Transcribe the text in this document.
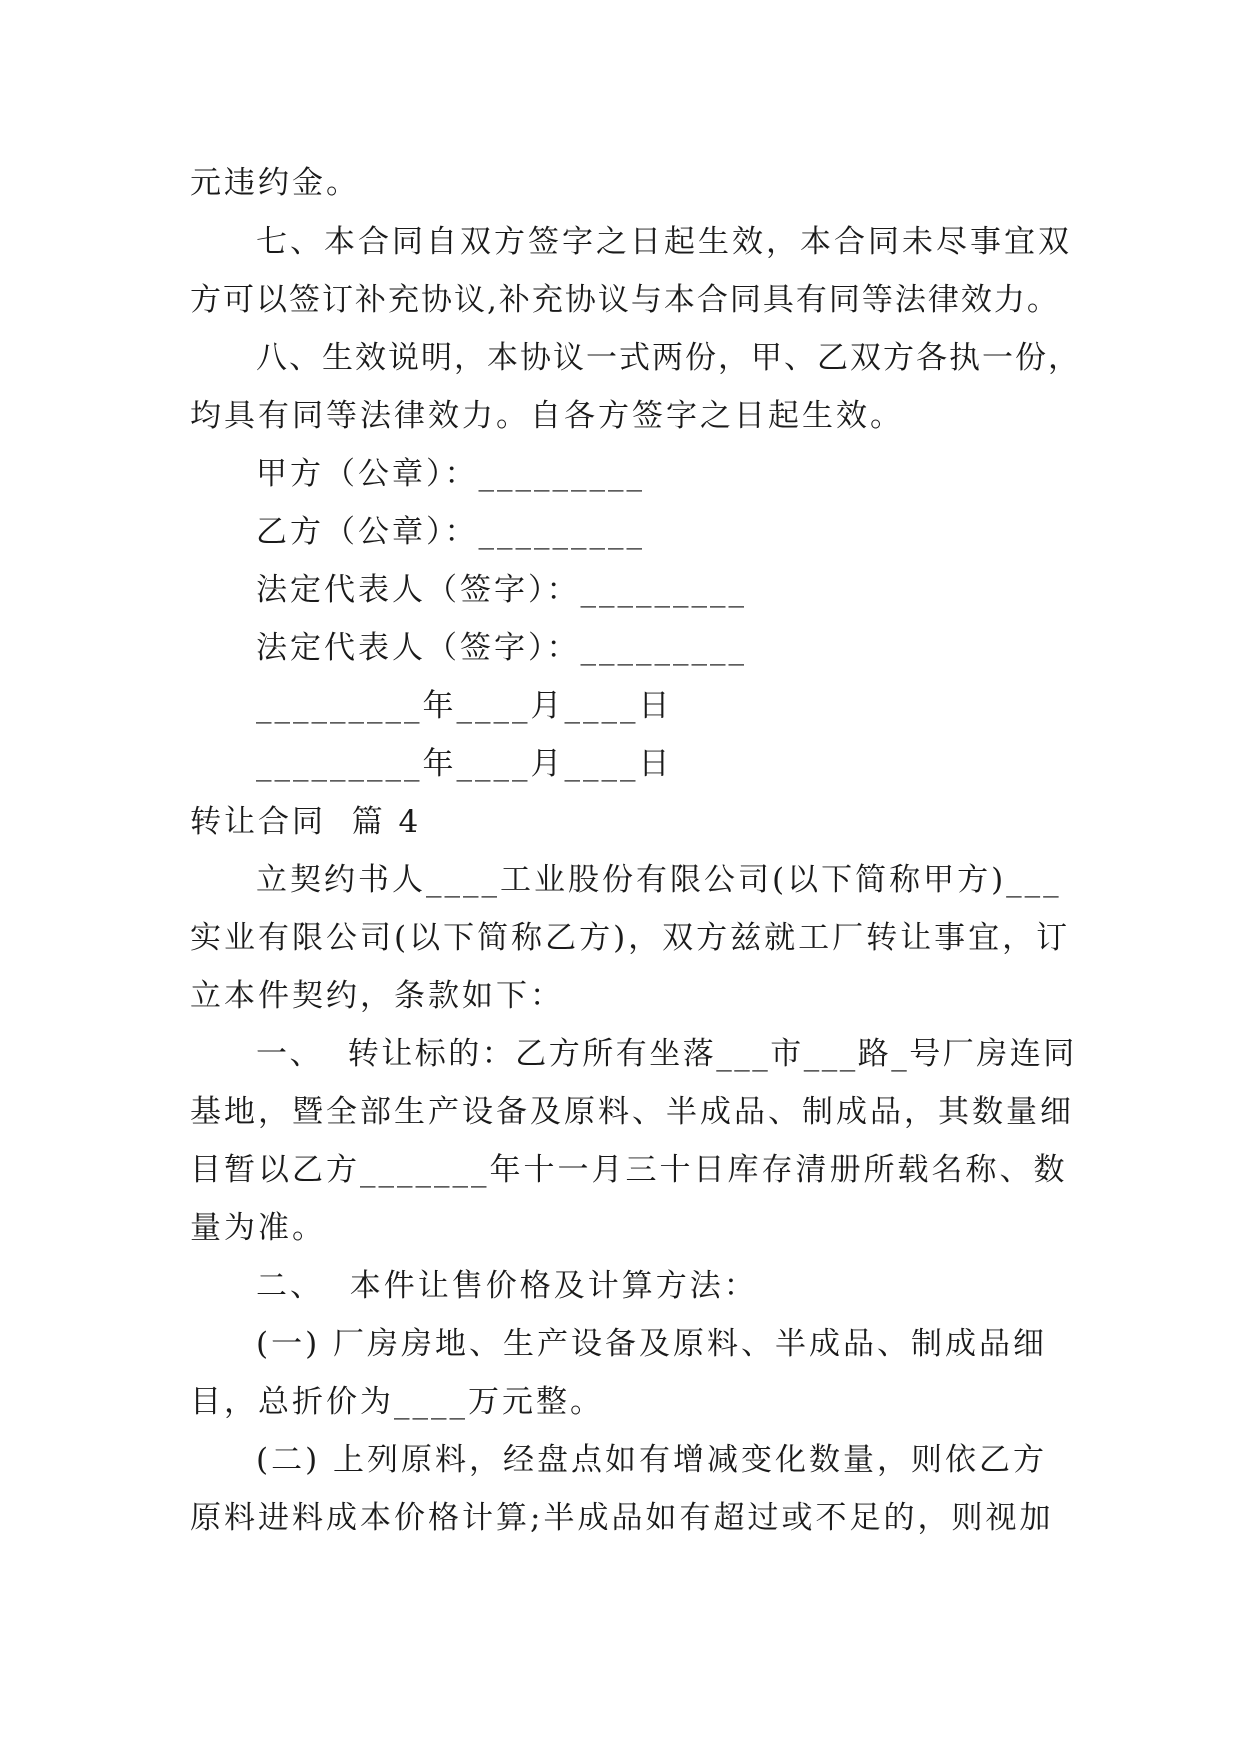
元违约金。
七、本合同自双方签字之日起生效，本合同未尽事宜双
方可以签订补充协议,补充协议与本合同具有同等法律效力。
八、生效说明，本协议一式两份，甲、乙双方各执一份，
均具有同等法律效力。自各方签字之日起生效。
甲方（公章）：_________
乙方（公章）：_________
法定代表人（签字）：_________
法定代表人（签字）：_________
_________年____月____日
_________年____月____日
转让合同  篇 4
立契约书人____工业股份有限公司(以下简称甲方)___
实业有限公司(以下简称乙方)，双方兹就工厂转让事宜，订
立本件契约，条款如下：
一、  转让标的：乙方所有坐落___市___路_号厂房连同
基地，暨全部生产设备及原料、半成品、制成品，其数量细
目暂以乙方_______年十一月三十日库存清册所载名称、数
量为准。
二、  本件让售价格及计算方法：
(一) 厂房房地、生产设备及原料、半成品、制成品细
目，总折价为____万元整。
(二) 上列原料，经盘点如有增减变化数量，则依乙方
原料进料成本价格计算;半成品如有超过或不足的，则视加
